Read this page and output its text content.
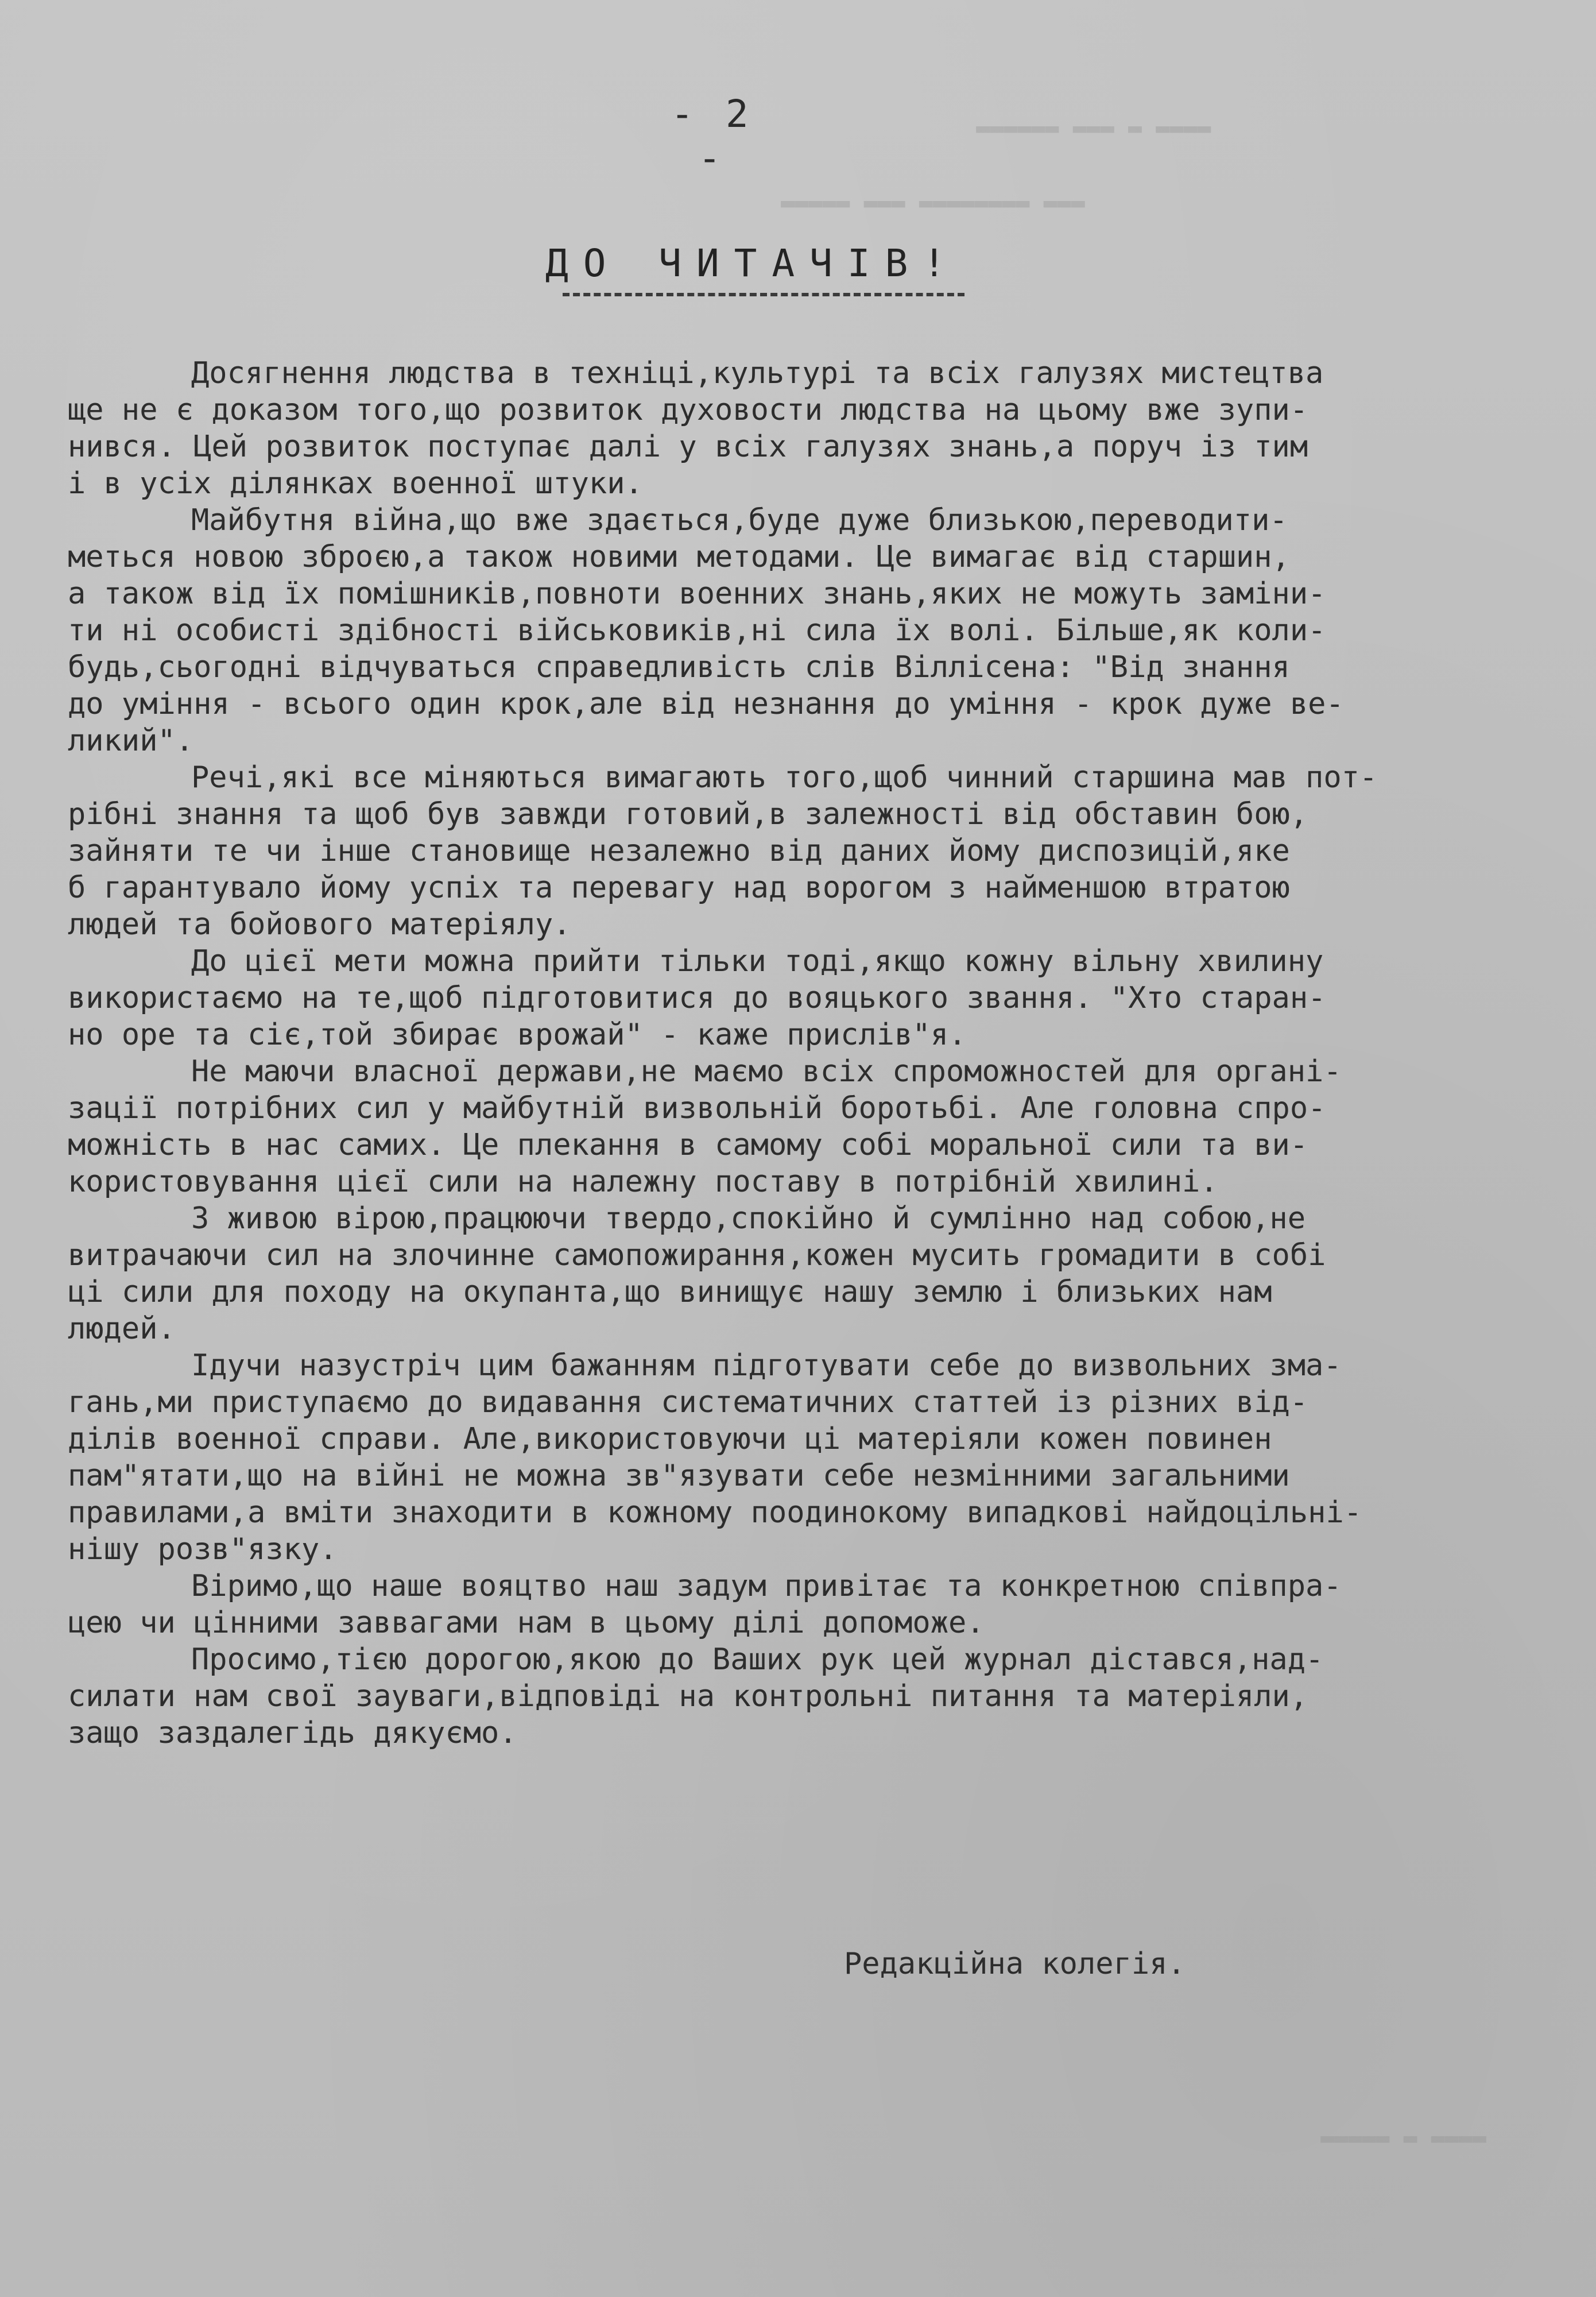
▬▬▬▬ ▬ ▬▬▬ ▬▬▬▬▬▬
▬▬▬ ▬▬▬▬▬▬▬▬ ▬▬▬ ▬▬▬▬▬
▬▬▬▬ ▬ ▬▬▬▬▬
- 2 -
ДО ЧИТАЧІВ!
Досягнення людства в техніці,культурі та всіх галузях мистецтва
ще не є доказом того,що розвиток духовости людства на цьому вже зупи-
нився. Цей розвиток поступає далі у всіх галузях знань,а поруч із тим
і в усіх ділянках военної штуки.
Майбутня війна,що вже здається,буде дуже близькою,переводити-
меться новою зброєю,а також новими методами. Це вимагає від старшин,
а також від їх помішників,повноти военних знань,яких не можуть заміни-
ти ні особисті здібності військовиків,ні сила їх волі. Більше,як коли-
будь,сьогодні відчуваться справедливість слів Віллісена: "Від знання
до уміння - всього один крок,але від незнання до уміння - крок дуже ве-
ликий".
Речі,які все міняються вимагають того,щоб чинний старшина мав пот-
рібні знання та щоб був завжди готовий,в залежності від обставин бою,
зайняти те чи інше становище незалежно від даних йому диспозицій,яке
б гарантувало йому успіх та перевагу над ворогом з найменшою втратою
людей та бойового матеріялу.
До цієї мети можна прийти тільки тоді,якщо кожну вільну хвилину
використаємо на те,щоб підготовитися до вояцького звання. "Хто старан-
но оре та сіє,той збирає врожай" - каже прислів"я.
Не маючи власної держави,не маємо всіх спроможностей для органі-
зації потрібних сил у майбутній визвольній боротьбі. Але головна спро-
можність в нас самих. Це плекання в самому собі моральної сили та ви-
користовування цієї сили на належну поставу в потрібній хвилині.
З живою вірою,працюючи твердо,спокійно й сумлінно над собою,не
витрачаючи сил на злочинне самопожирання,кожен мусить громадити в собі
ці сили для походу на окупанта,що винищує нашу землю і близьких нам
людей.
Ідучи назустріч цим бажанням підготувати себе до визвольних зма-
гань,ми приступаємо до видавання систематичних статтей із різних від-
ділів военної справи. Але,використовуючи ці матеріяли кожен повинен
пам"ятати,що на війні не можна зв"язувати себе незмінними загальними
правилами,а вміти знаходити в кожному поодинокому випадкові найдоцільні-
нішу розв"язку.
Віримо,що наше вояцтво наш задум привітає та конкретною співпра-
цею чи цінними заввагами нам в цьому ділі допоможе.
Просимо,тією дорогою,якою до Ваших рук цей журнал дістався,над-
силати нам свої зауваги,відповіді на контрольні питання та матеріяли,
защо заздалегідь дякуємо.
Редакційна колегія.
